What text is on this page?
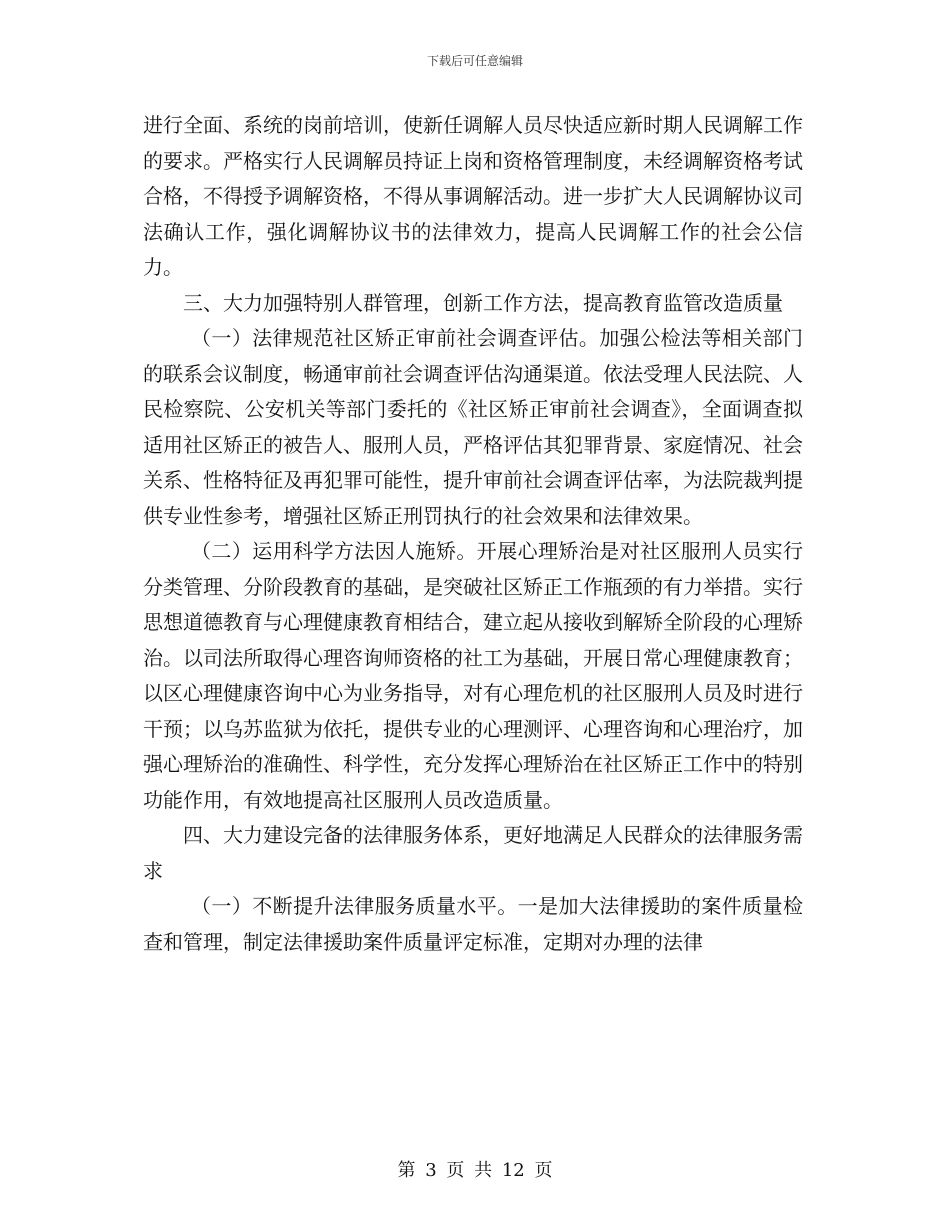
下载后可任意编辑

进行全面、系统的岗前培训，使新任调解人员尽快适应新时期人民调解工作的要求。严格实行人民调解员持证上岗和资格管理制度，未经调解资格考试合格，不得授予调解资格，不得从事调解活动。进一步扩大人民调解协议司法确认工作，强化调解协议书的法律效力，提高人民调解工作的社会公信力。

三、大力加强特别人群管理，创新工作方法，提高教育监管改造质量

（一）法律规范社区矫正审前社会调查评估。加强公检法等相关部门的联系会议制度，畅通审前社会调查评估沟通渠道。依法受理人民法院、人民检察院、公安机关等部门委托的《社区矫正审前社会调查》，全面调查拟适用社区矫正的被告人、服刑人员，严格评估其犯罪背景、家庭情况、社会关系、性格特征及再犯罪可能性，提升审前社会调查评估率，为法院裁判提供专业性参考，增强社区矫正刑罚执行的社会效果和法律效果。

（二）运用科学方法因人施矫。开展心理矫治是对社区服刑人员实行分类管理、分阶段教育的基础，是突破社区矫正工作瓶颈的有力举措。实行思想道德教育与心理健康教育相结合，建立起从接收到解矫全阶段的心理矫治。以司法所取得心理咨询师资格的社工为基础，开展日常心理健康教育；以区心理健康咨询中心为业务指导，对有心理危机的社区服刑人员及时进行干预；以乌苏监狱为依托，提供专业的心理测评、心理咨询和心理治疗，加强心理矫治的准确性、科学性，充分发挥心理矫治在社区矫正工作中的特别功能作用，有效地提高社区服刑人员改造质量。

四、大力建设完备的法律服务体系，更好地满足人民群众的法律服务需求

（一）不断提升法律服务质量水平。一是加大法律援助的案件质量检查和管理，制定法律援助案件质量评定标准，定期对办理的法律

第 3 页 共 12 页
